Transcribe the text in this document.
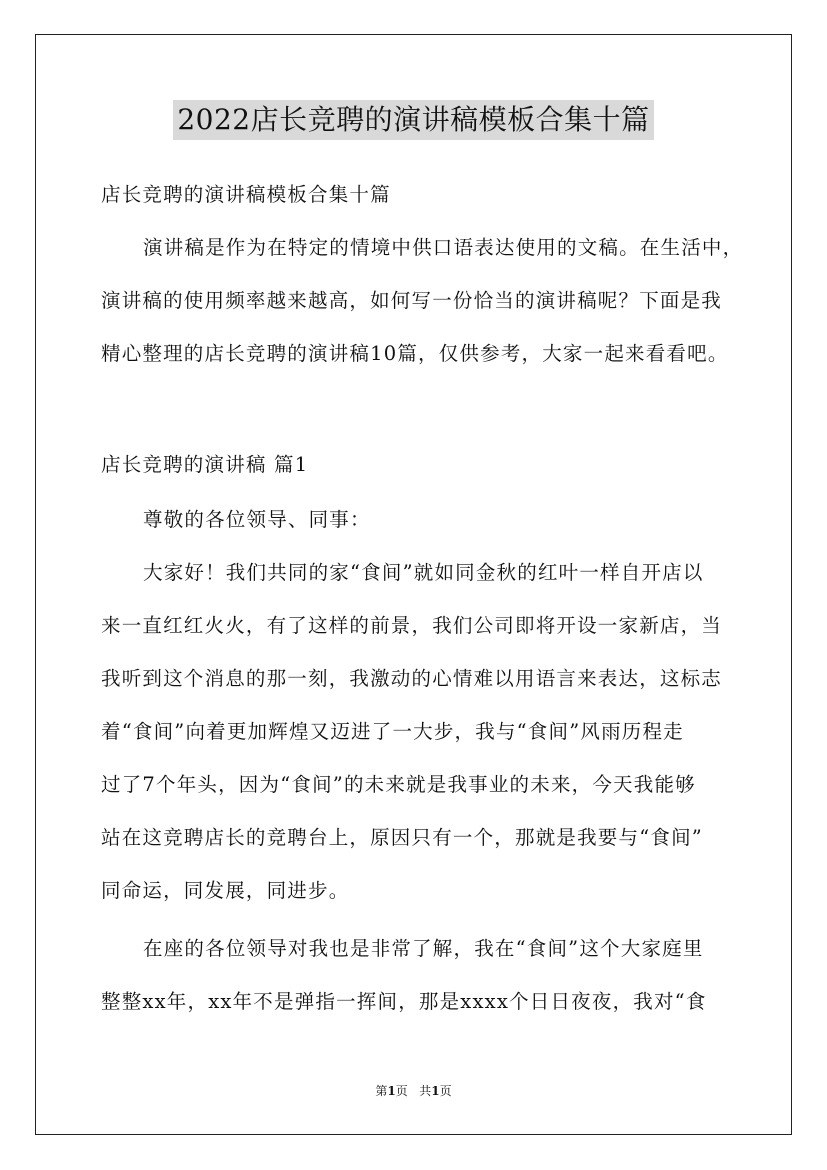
2022店长竞聘的演讲稿模板合集十篇
店长竞聘的演讲稿模板合集十篇
演讲稿是作为在特定的情境中供口语表达使用的文稿。在生活中，
演讲稿的使用频率越来越高，如何写一份恰当的演讲稿呢？下面是我
精心整理的店长竞聘的演讲稿10篇，仅供参考，大家一起来看看吧。
店长竞聘的演讲稿 篇1
尊敬的各位领导、同事：
大家好！我们共同的家“食间”就如同金秋的红叶一样自开店以
来一直红红火火，有了这样的前景，我们公司即将开设一家新店，当
我听到这个消息的那一刻，我激动的心情难以用语言来表达，这标志
着“食间”向着更加辉煌又迈进了一大步，我与“食间”风雨历程走
过了7个年头，因为“食间”的未来就是我事业的未来，今天我能够
站在这竞聘店长的竞聘台上，原因只有一个，那就是我要与“食间”
同命运，同发展，同进步。
在座的各位领导对我也是非常了解，我在“食间”这个大家庭里
整整xx年，xx年不是弹指一挥间，那是xxxx个日日夜夜，我对“食
第1页 共1页
